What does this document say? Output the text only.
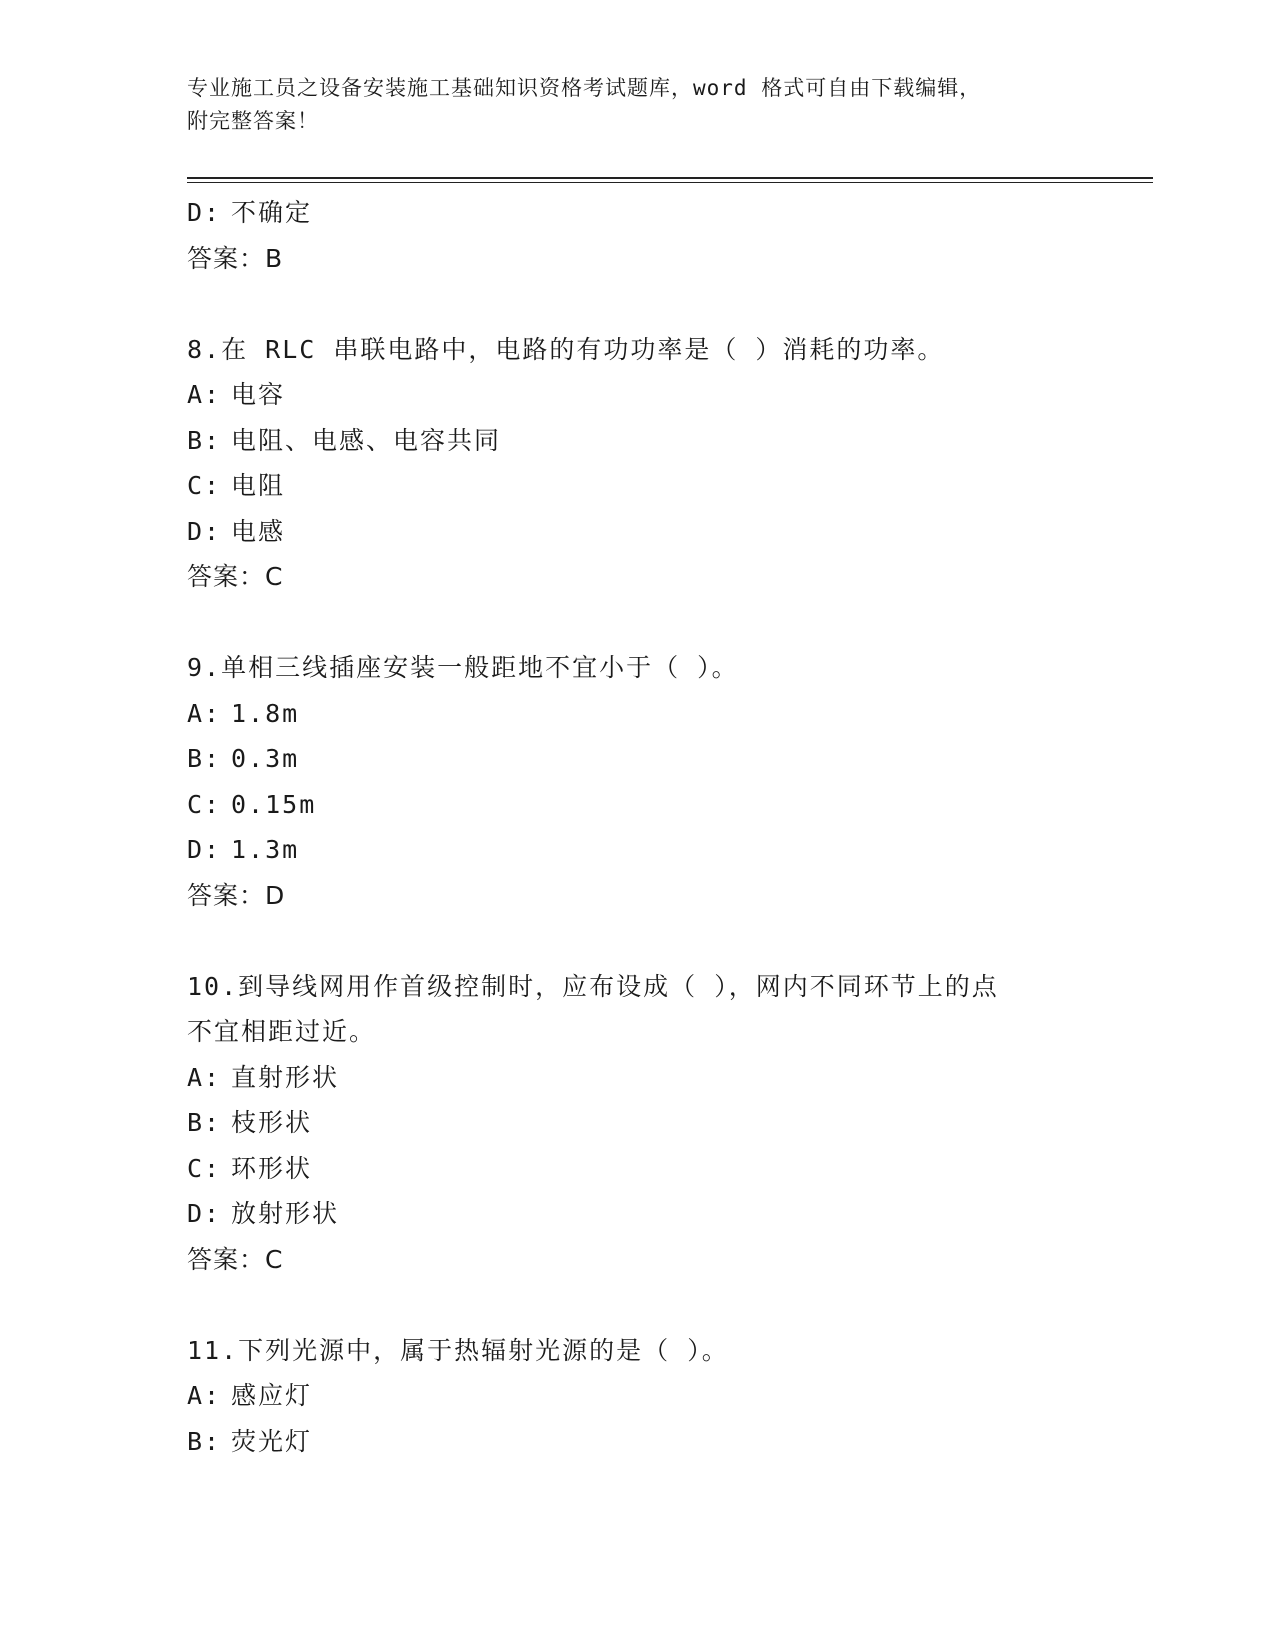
专业施工员之设备安装施工基础知识资格考试题库，word 格式可自由下载编辑，
附完整答案！
D: 不确定
答案：B
8.在 RLC 串联电路中，电路的有功功率是（ ）消耗的功率。
A: 电容
B: 电阻、电感、电容共同
C: 电阻
D: 电感
答案：C
9.单相三线插座安装一般距地不宜小于（ ）。
A: 1.8m
B: 0.3m
C: 0.15m
D: 1.3m
答案：D
10.到导线网用作首级控制时，应布设成（ ），网内不同环节上的点
不宜相距过近。
A: 直射形状
B: 枝形状
C: 环形状
D: 放射形状
答案：C
11.下列光源中，属于热辐射光源的是（ ）。
A: 感应灯
B: 荧光灯
